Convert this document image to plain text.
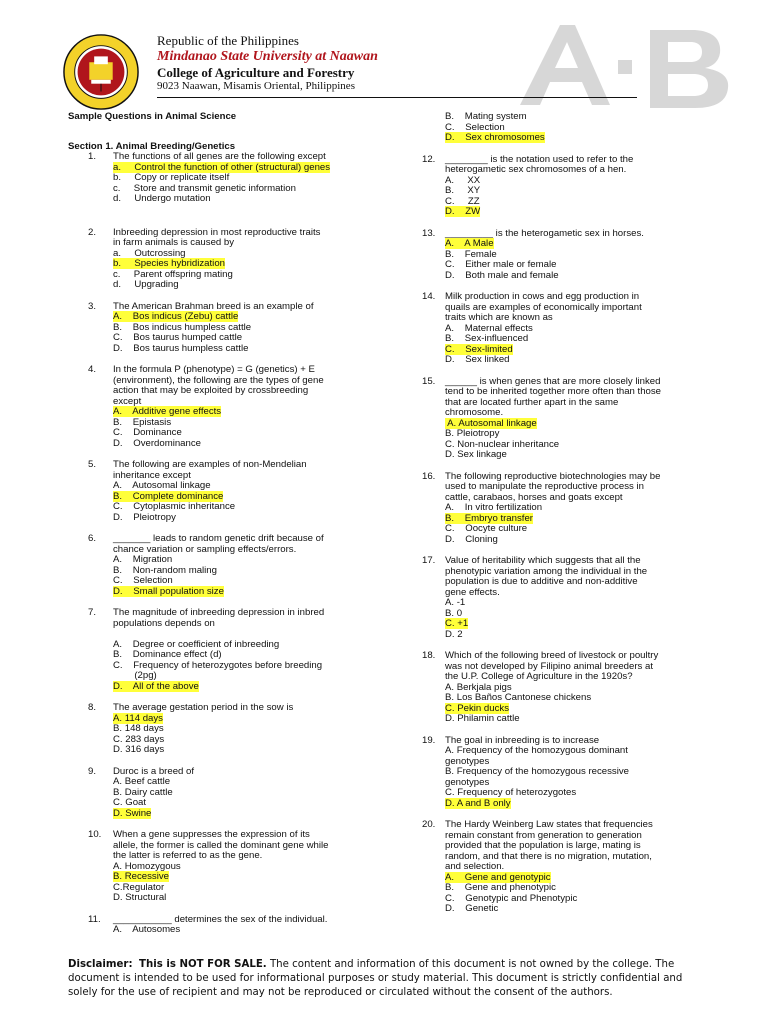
Republic of the Philippines
Mindanao State University at Naawan
College of Agriculture and Forestry
9023 Naawan, Misamis Oriental, Philippines
Sample Questions in Animal Science
Section 1. Animal Breeding/Genetics
1. The functions of all genes are the following except
a.     Control the function of other (structural) genes
b.     Copy or replicate itself
c.     Store and transmit genetic information
d.     Undergo mutation
2. Inbreeding depression in most reproductive traits
in farm animals is caused by
a.     Outcrossing
b.     Species hybridization
c.     Parent offspring mating
d.     Upgrading
3. The American Brahman breed is an example of
A.    Bos indicus (Zebu) cattle
B.    Bos indicus humpless cattle
C.    Bos taurus humped cattle
D.    Bos taurus humpless cattle
4. In the formula P (phenotype) = G (genetics) + E
(environment), the following are the types of gene
action that may be exploited by crossbreeding
except
A.    Additive gene effects
B.    Epistasis
C.    Dominance
D.    Overdominance
5. The following are examples of non-Mendelian
inheritance except
A.    Autosomal linkage
B.    Complete dominance
C.    Cytoplasmic inheritance
D.    Pleiotropy
6. _______ leads to random genetic drift because of
chance variation or sampling effects/errors.
A.    Migration
B.    Non-random maling
C.    Selection
D.    Small population size
7. The magnitude of inbreeding depression in inbred
populations depends on
A.    Degree or coefficient of inbreeding
B.    Dominance effect (d)
C.    Frequency of heterozygotes before breeding
(2pg)
D.    All of the above
8. The average gestation period in the sow is
A. 114 days
B. 148 days
C. 283 days
D. 316 days
9. Duroc is a breed of
A. Beef cattle
B. Dairy cattle
C. Goat
D. Swine
10. When a gene suppresses the expression of its
allele, the former is called the dominant gene while
the latter is referred to as the gene.
A. Homozygous
B. Recessive
C.Regulator
D. Structural
11. ___________ determines the sex of the individual.
A.    Autosomes
B.    Mating system
C.    Selection
D.    Sex chromosomes
12. ________ is the notation used to refer to the
heterogametic sex chromosomes of a hen.
A.     XX
B.     XY
C.     ZZ
D.    ZW
13. _________ is the heterogametic sex in horses.
A.    A Male
B.    Female
C.    Either male or female
D.    Both male and female
14. Milk production in cows and egg production in
quails are examples of economically important
traits which are known as
A.    Maternal effects
B.    Sex-influenced
C.    Sex-limited
D.    Sex linked
15. ______ is when genes that are more closely linked
tend to be inherited together more often than those
that are located further apart in the same
chromosome.
A. Autosomal linkage
B. Pleiotropy
C. Non-nuclear inheritance
D. Sex linkage
16. The following reproductive biotechnologies may be
used to manipulate the reproductive process in
cattle, carabaos, horses and goats except
A.    In vitro fertilization
B.    Embryo transfer
C.    Oocyte culture
D.    Cloning
17. Value of heritability which suggests that all the
phenotypic variation among the individual in the
population is due to additive and non-additive
gene effects.
A. -1
B. 0
C. +1
D. 2
18. Which of the following breed of livestock or poultry
was not developed by Filipino animal breeders at
the U.P. College of Agriculture in the 1920s?
A. Berkjala pigs
B. Los Baños Cantonese chickens
C. Pekin ducks
D. Philamin cattle
19. The goal in inbreeding is to increase
A. Frequency of the homozygous dominant
genotypes
B. Frequency of the homozygous recessive
genotypes
C. Frequency of heterozygotes
D. A and B only
20. The Hardy Weinberg Law states that frequencies
remain constant from generation to generation
provided that the population is large, mating is
random, and that there is no migration, mutation,
and selection.
A.    Gene and genotypic
B.    Gene and phenotypic
C.    Genotypic and Phenotypic
D.    Genetic
Disclaimer: This is NOT FOR SALE. The content and information of this document is not owned by the college. The document is intended to be used for informational purposes or study material. This document is strictly confidential and solely for the use of recipient and may not be reproduced or circulated without the consent of the authors.
